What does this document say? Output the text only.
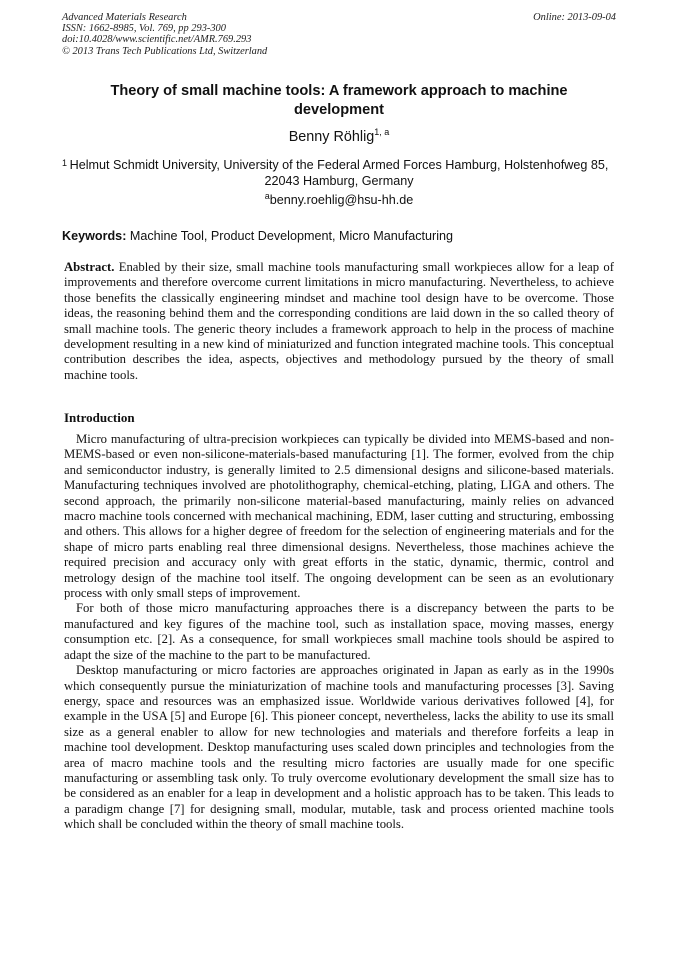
Advanced Materials Research
ISSN: 1662-8985, Vol. 769, pp 293-300
doi:10.4028/www.scientific.net/AMR.769.293
© 2013 Trans Tech Publications Ltd, Switzerland
Online: 2013-09-04
Theory of small machine tools: A framework approach to machine development
Benny Röhlig$^{1, a}$
1 Helmut Schmidt University, University of the Federal Armed Forces Hamburg, Holstenhofweg 85, 22043 Hamburg, Germany
$^a$benny.roehlig@hsu-hh.de
Keywords: Machine Tool, Product Development, Micro Manufacturing
Abstract. Enabled by their size, small machine tools manufacturing small workpieces allow for a leap of improvements and therefore overcome current limitations in micro manufacturing. Nevertheless, to achieve those benefits the classically engineering mindset and machine tool design have to be overcome. Those ideas, the reasoning behind them and the corresponding conditions are laid down in the so called theory of small machine tools. The generic theory includes a framework approach to help in the process of machine development resulting in a new kind of miniaturized and function integrated machine tools. This conceptual contribution describes the idea, aspects, objectives and methodology pursued by the theory of small machine tools.
Introduction

Micro manufacturing of ultra-precision workpieces can typically be divided into MEMS-based and non-MEMS-based or even non-silicone-materials-based manufacturing [1]. The former, evolved from the chip and semiconductor industry, is generally limited to 2.5 dimensional designs and silicone-based materials. Manufacturing techniques involved are photolithography, chemical-etching, plating, LIGA and others. The second approach, the primarily non-silicone material-based manufacturing, mainly relies on advanced macro machine tools concerned with mechanical machining, EDM, laser cutting and structuring, embossing and others. This allows for a higher degree of freedom for the selection of engineering materials and for the shape of micro parts enabling real three dimensional designs. Nevertheless, those machines achieve the required precision and accuracy only with great efforts in the static, dynamic, thermic, control and metrology design of the machine tool itself. The ongoing development can be seen as an evolutionary process with only small steps of improvement.

For both of those micro manufacturing approaches there is a discrepancy between the parts to be manufactured and key figures of the machine tool, such as installation space, moving masses, energy consumption etc. [2]. As a consequence, for small workpieces small machine tools should be aspired to adapt the size of the machine to the part to be manufactured.

Desktop manufacturing or micro factories are approaches originated in Japan as early as in the 1990s which consequently pursue the miniaturization of machine tools and manufacturing processes [3]. Saving energy, space and resources was an emphasized issue. Worldwide various derivatives followed [4], for example in the USA [5] and Europe [6]. This pioneer concept, nevertheless, lacks the ability to use its small size as a general enabler to allow for new technologies and materials and therefore forfeits a leap in machine tool development. Desktop manufacturing uses scaled down principles and technologies from the area of macro machine tools and the resulting micro factories are usually made for one specific manufacturing or assembling task only. To truly overcome evolutionary development the small size has to be considered as an enabler for a leap in development and a holistic approach has to be taken. This leads to a paradigm change [7] for designing small, modular, mutable, task and process oriented machine tools which shall be concluded within the theory of small machine tools.
